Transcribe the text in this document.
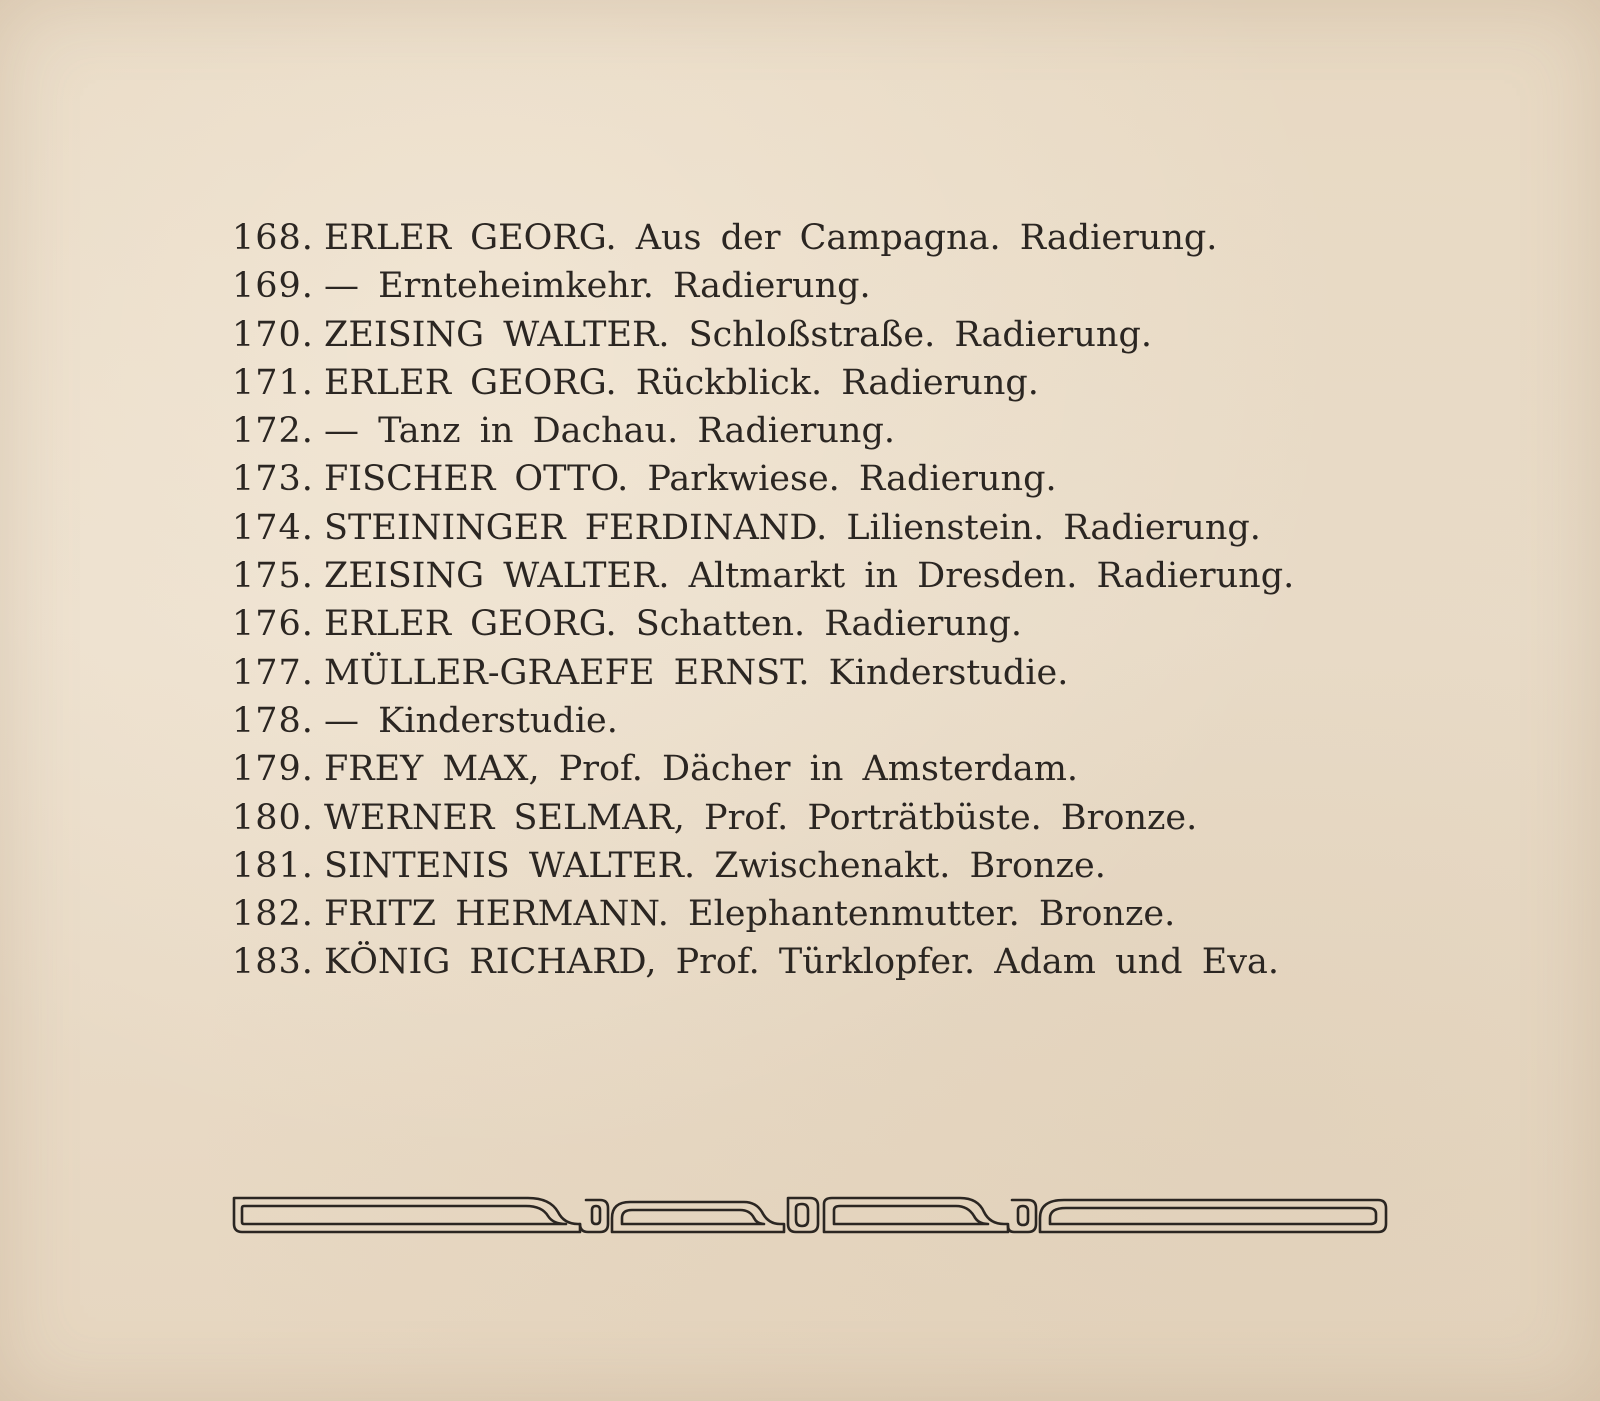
168. ERLER GEORG. Aus der Campagna. Radierung.
169. — Ernteheimkehr. Radierung.
170. ZEISING WALTER. Schloßstraße. Radierung.
171. ERLER GEORG. Rückblick. Radierung.
172. — Tanz in Dachau. Radierung.
173. FISCHER OTTO. Parkwiese. Radierung.
174. STEININGER FERDINAND. Lilienstein. Radierung.
175. ZEISING WALTER. Altmarkt in Dresden. Radierung.
176. ERLER GEORG. Schatten. Radierung.
177. MÜLLER-GRAEFE ERNST. Kinderstudie.
178. — Kinderstudie.
179. FREY MAX, Prof. Dächer in Amsterdam.
180. WERNER SELMAR, Prof. Porträtbüste. Bronze.
181. SINTENIS WALTER. Zwischenakt. Bronze.
182. FRITZ HERMANN. Elephantenmutter. Bronze.
183. KÖNIG RICHARD, Prof. Türklopfer. Adam und Eva.
